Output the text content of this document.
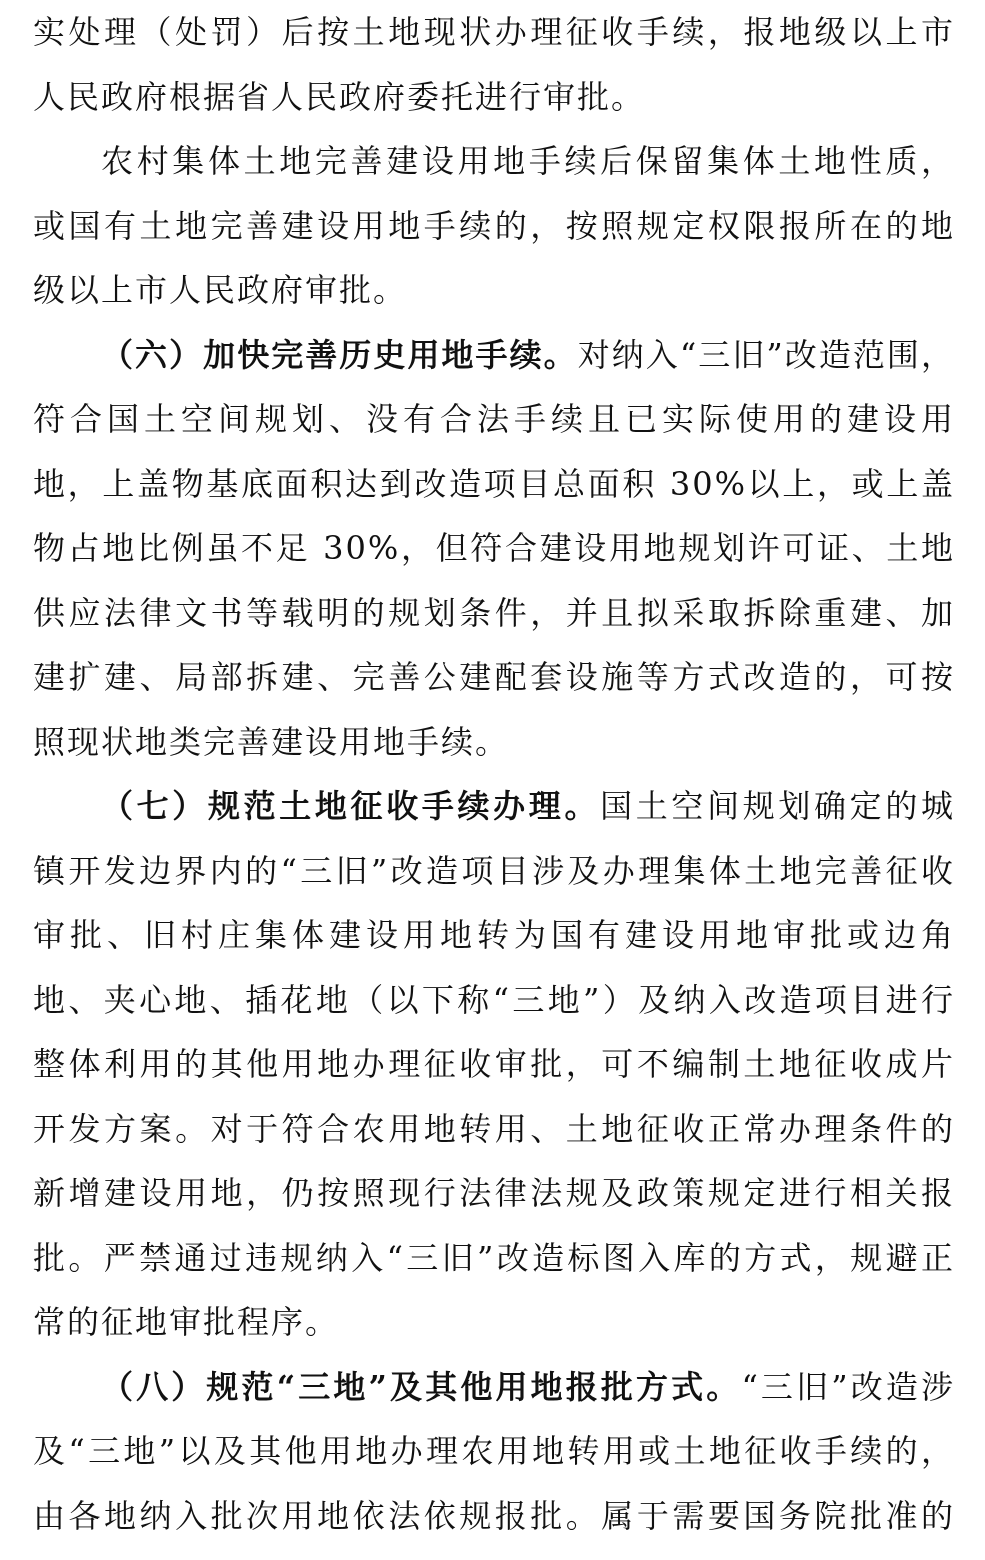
实处理（处罚）后按土地现状办理征收手续，报地级以上市
人民政府根据省人民政府委托进行审批。
农村集体土地完善建设用地手续后保留集体土地性质，
或国有土地完善建设用地手续的，按照规定权限报所在的地
级以上市人民政府审批。
（六）加快完善历史用地手续。对纳入“三旧”改造范围，
符合国土空间规划、没有合法手续且已实际使用的建设用
地，上盖物基底面积达到改造项目总面积 30%以上，或上盖
物占地比例虽不足 30%，但符合建设用地规划许可证、土地
供应法律文书等载明的规划条件，并且拟采取拆除重建、加
建扩建、局部拆建、完善公建配套设施等方式改造的，可按
照现状地类完善建设用地手续。
（七）规范土地征收手续办理。国土空间规划确定的城
镇开发边界内的“三旧”改造项目涉及办理集体土地完善征收
审批、旧村庄集体建设用地转为国有建设用地审批或边角
地、夹心地、插花地（以下称“三地”）及纳入改造项目进行
整体利用的其他用地办理征收审批，可不编制土地征收成片
开发方案。对于符合农用地转用、土地征收正常办理条件的
新增建设用地，仍按照现行法律法规及政策规定进行相关报
批。严禁通过违规纳入“三旧”改造标图入库的方式，规避正
常的征地审批程序。
（八）规范“三地”及其他用地报批方式。“三旧”改造涉
及“三地”以及其他用地办理农用地转用或土地征收手续的，
由各地纳入批次用地依法依规报批。属于需要国务院批准的
